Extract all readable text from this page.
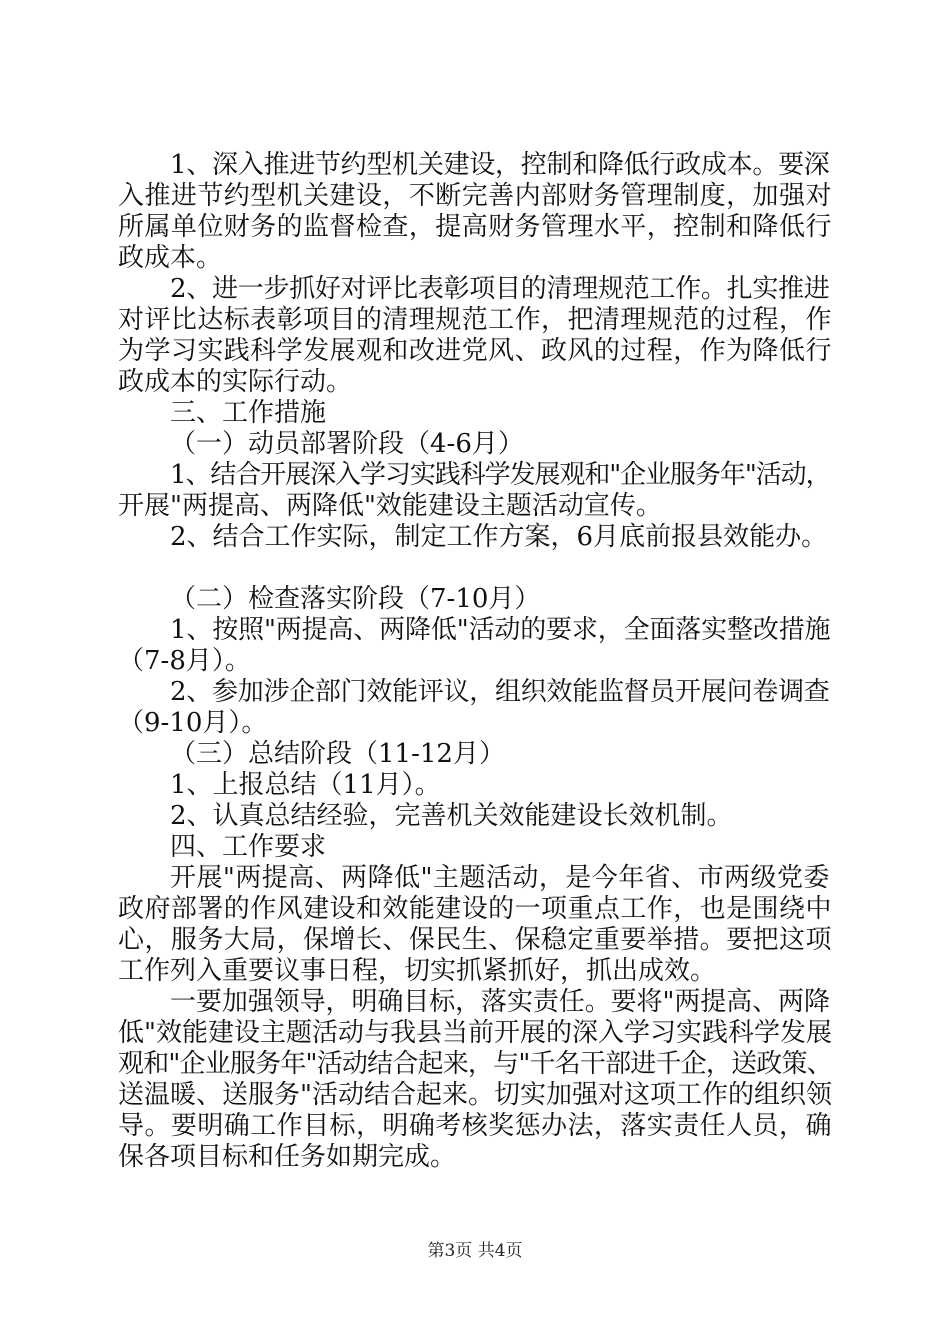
1、深入推进节约型机关建设，控制和降低行政成本。要深
入推进节约型机关建设，不断完善内部财务管理制度，加强对
所属单位财务的监督检查，提高财务管理水平，控制和降低行
政成本。
2、进一步抓好对评比表彰项目的清理规范工作。扎实推进
对评比达标表彰项目的清理规范工作，把清理规范的过程，作
为学习实践科学发展观和改进党风、政风的过程，作为降低行
政成本的实际行动。
三、工作措施
（一）动员部署阶段（4-6月）
1、结合开展深入学习实践科学发展观和"企业服务年"活动，
开展"两提高、两降低"效能建设主题活动宣传。
2、结合工作实际，制定工作方案，6月底前报县效能办。
（二）检查落实阶段（7-10月）
1、按照"两提高、两降低"活动的要求，全面落实整改措施
（7-8月）。
2、参加涉企部门效能评议，组织效能监督员开展问卷调查
（9-10月）。
（三）总结阶段（11-12月）
1、上报总结（11月）。
2、认真总结经验，完善机关效能建设长效机制。
四、工作要求
开展"两提高、两降低"主题活动，是今年省、市两级党委
政府部署的作风建设和效能建设的一项重点工作，也是围绕中
心，服务大局，保增长、保民生、保稳定重要举措。要把这项
工作列入重要议事日程，切实抓紧抓好，抓出成效。
一要加强领导，明确目标，落实责任。要将"两提高、两降
低"效能建设主题活动与我县当前开展的深入学习实践科学发展
观和"企业服务年"活动结合起来，与"千名干部进千企，送政策、
送温暖、送服务"活动结合起来。切实加强对这项工作的组织领
导。要明确工作目标，明确考核奖惩办法，落实责任人员，确
保各项目标和任务如期完成。
第3页 共4页
